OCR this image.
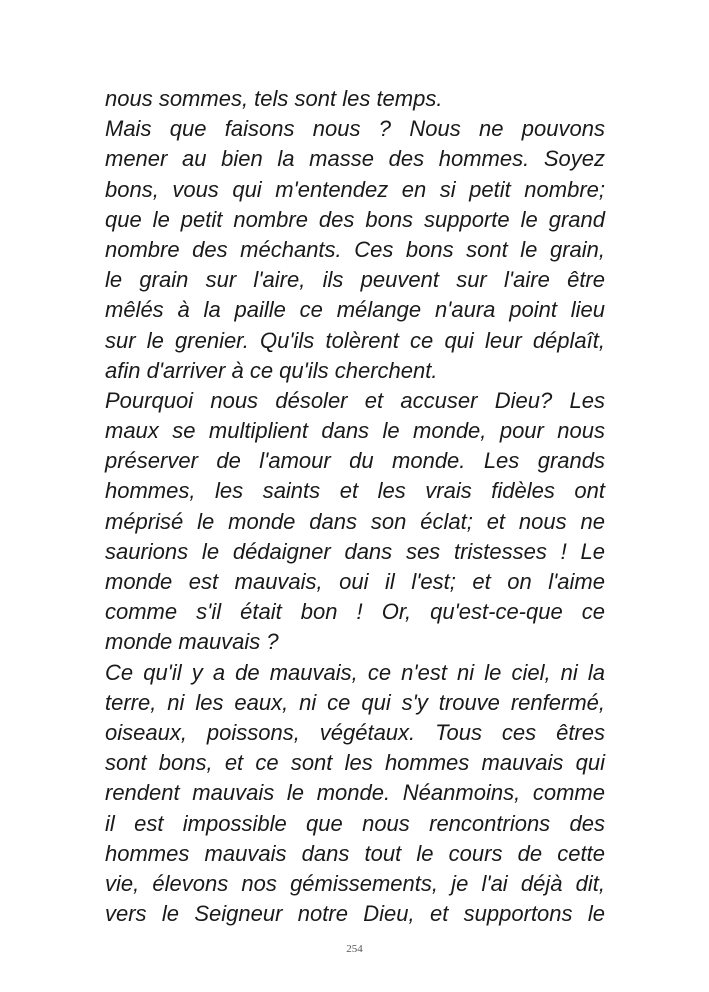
nous sommes, tels sont les temps.
Mais que faisons nous ? Nous ne pouvons
mener au bien la masse des hommes. Soyez
bons, vous qui m'entendez en si petit nombre;
que le petit nombre des bons supporte le grand
nombre des méchants. Ces bons sont le grain,
le grain sur l'aire, ils peuvent sur l'aire être
mêlés à la paille ce mélange n'aura point lieu
sur le grenier. Qu'ils tolèrent ce qui leur déplaît,
afin d'arriver à ce qu'ils cherchent.
Pourquoi nous désoler et accuser Dieu? Les
maux se multiplient dans le monde, pour nous
préserver de l'amour du monde. Les grands
hommes, les saints et les vrais fidèles ont
méprisé le monde dans son éclat; et nous ne
saurions le dédaigner dans ses tristesses ! Le
monde est mauvais, oui il l'est; et on l'aime
comme s'il était bon ! Or, qu'est-ce-que ce
monde mauvais ?
Ce qu'il y a de mauvais, ce n'est ni le ciel, ni la
terre, ni les eaux, ni ce qui s'y trouve renfermé,
oiseaux, poissons, végétaux. Tous ces êtres
sont bons, et ce sont les hommes mauvais qui
rendent mauvais le monde. Néanmoins, comme
il est impossible que nous rencontrions des
hommes mauvais dans tout le cours de cette
vie, élevons nos gémissements, je l'ai déjà dit,
vers le Seigneur notre Dieu, et supportons le
254
